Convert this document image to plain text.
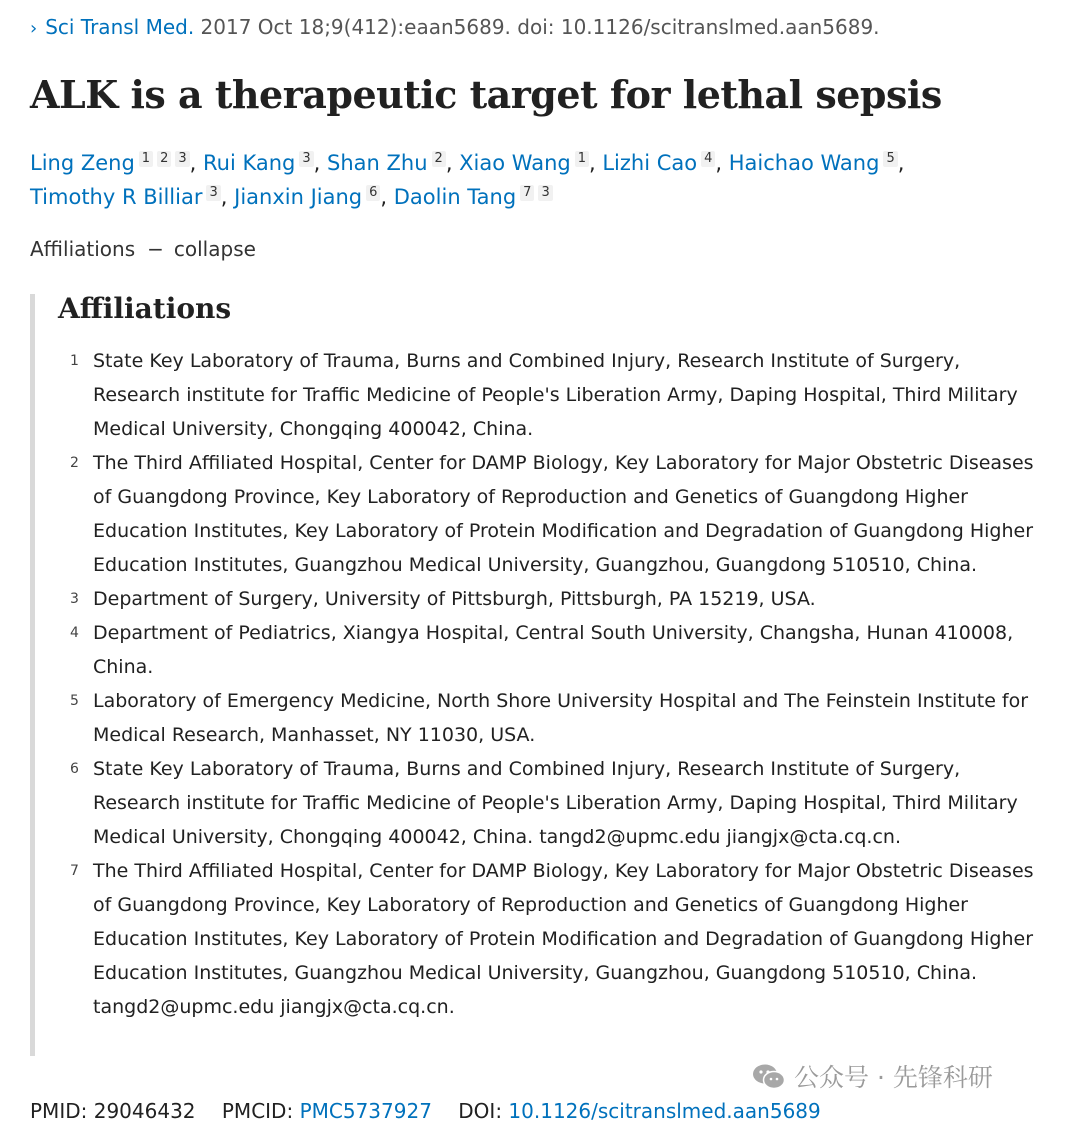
› Sci Transl Med. 2017 Oct 18;9(412):eaan5689. doi: 10.1126/scitranslmed.aan5689.
ALK is a therapeutic target for lethal sepsis
Ling Zeng 1 2 3 , Rui Kang 3 , Shan Zhu 2 , Xiao Wang 1 , Lizhi Cao 4 , Haichao Wang 5 ,
Timothy R Billiar 3 , Jianxin Jiang 6 , Daolin Tang 7 3
Affiliations − collapse
Affiliations
1 State Key Laboratory of Trauma, Burns and Combined Injury, Research Institute of Surgery, Research institute for Traffic Medicine of People's Liberation Army, Daping Hospital, Third Military Medical University, Chongqing 400042, China.
2 The Third Affiliated Hospital, Center for DAMP Biology, Key Laboratory for Major Obstetric Diseases of Guangdong Province, Key Laboratory of Reproduction and Genetics of Guangdong Higher Education Institutes, Key Laboratory of Protein Modification and Degradation of Guangdong Higher Education Institutes, Guangzhou Medical University, Guangzhou, Guangdong 510510, China.
3 Department of Surgery, University of Pittsburgh, Pittsburgh, PA 15219, USA.
4 Department of Pediatrics, Xiangya Hospital, Central South University, Changsha, Hunan 410008, China.
5 Laboratory of Emergency Medicine, North Shore University Hospital and The Feinstein Institute for Medical Research, Manhasset, NY 11030, USA.
6 State Key Laboratory of Trauma, Burns and Combined Injury, Research Institute of Surgery, Research institute for Traffic Medicine of People's Liberation Army, Daping Hospital, Third Military Medical University, Chongqing 400042, China. tangd2@upmc.edu jiangjx@cta.cq.cn.
7 The Third Affiliated Hospital, Center for DAMP Biology, Key Laboratory for Major Obstetric Diseases of Guangdong Province, Key Laboratory of Reproduction and Genetics of Guangdong Higher Education Institutes, Key Laboratory of Protein Modification and Degradation of Guangdong Higher Education Institutes, Guangzhou Medical University, Guangzhou, Guangdong 510510, China. tangd2@upmc.edu jiangjx@cta.cq.cn.
公众号 · 先锋科研
PMID: 29046432 PMCID: PMC5737927 DOI: 10.1126/scitranslmed.aan5689
